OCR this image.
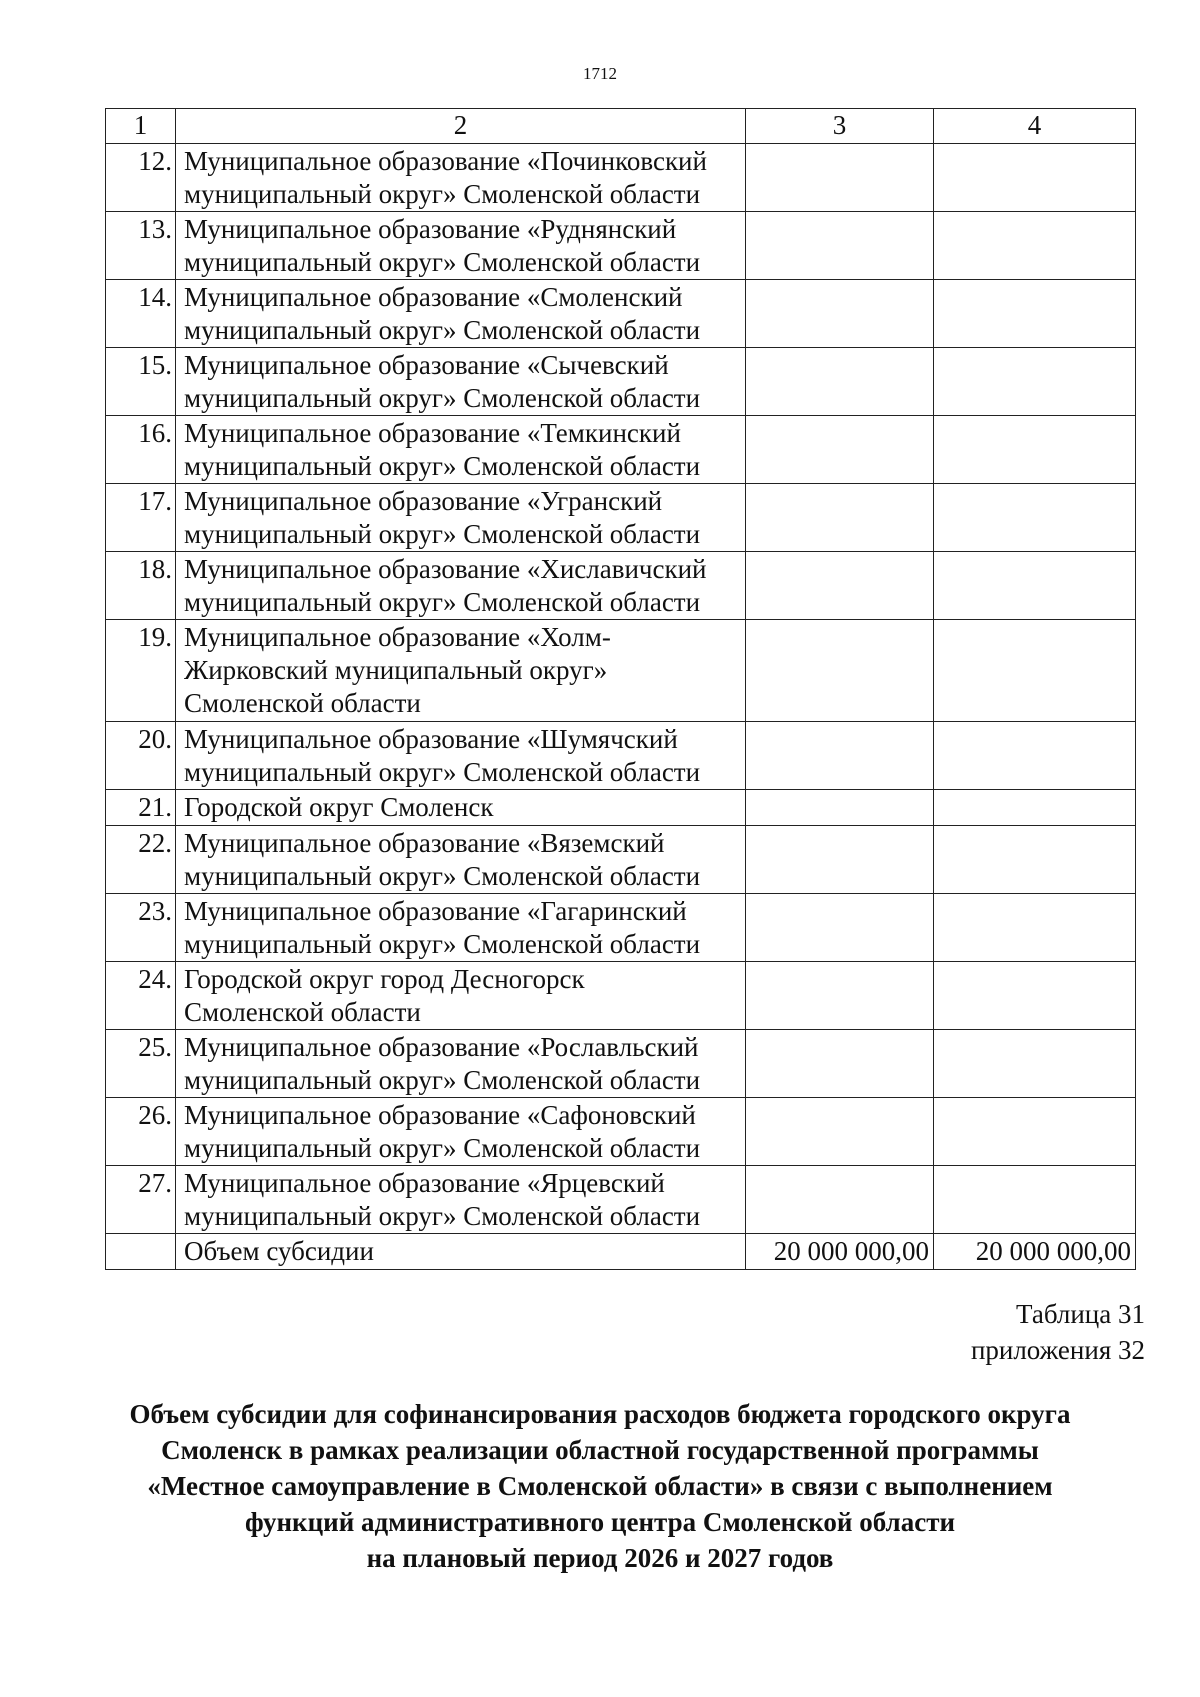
1712
1	2	3	4
12.	Муниципальное образование «Починковский
муниципальный округ» Смоленской области		

13.	Муниципальное образование «Руднянский
муниципальный округ» Смоленской области		

14.	Муниципальное образование «Смоленский
муниципальный округ» Смоленской области		

15.	Муниципальное образование «Сычевский
муниципальный округ» Смоленской области		

16.	Муниципальное образование «Темкинский
муниципальный округ» Смоленской области		

17.	Муниципальное образование «Угранский
муниципальный округ» Смоленской области		

18.	Муниципальное образование «Хиславичский
муниципальный округ» Смоленской области		

19.	Муниципальное образование «Холм-
Жирковский муниципальный округ»
Смоленской области		

20.	Муниципальное образование «Шумячский
муниципальный округ» Смоленской области		

21.	Городской округ Смоленск		

22.	Муниципальное образование «Вяземский
муниципальный округ» Смоленской области		

23.	Муниципальное образование «Гагаринский
муниципальный округ» Смоленской области		

24.	Городской округ город Десногорск
Смоленской области		

25.	Муниципальное образование «Рославльский
муниципальный округ» Смоленской области		

26.	Муниципальное образование «Сафоновский
муниципальный округ» Смоленской области		

27.	Муниципальное образование «Ярцевский
муниципальный округ» Смоленской области		

	Объем субсидии	20 000 000,00	20 000 000,00
Таблица 31
приложения 32
Объем субсидии для софинансирования расходов бюджета городского округа
Смоленск в рамках реализации областной государственной программы
«Местное самоуправление в Смоленской области» в связи с выполнением
функций административного центра Смоленской области
на плановый период 2026 и 2027 годов
